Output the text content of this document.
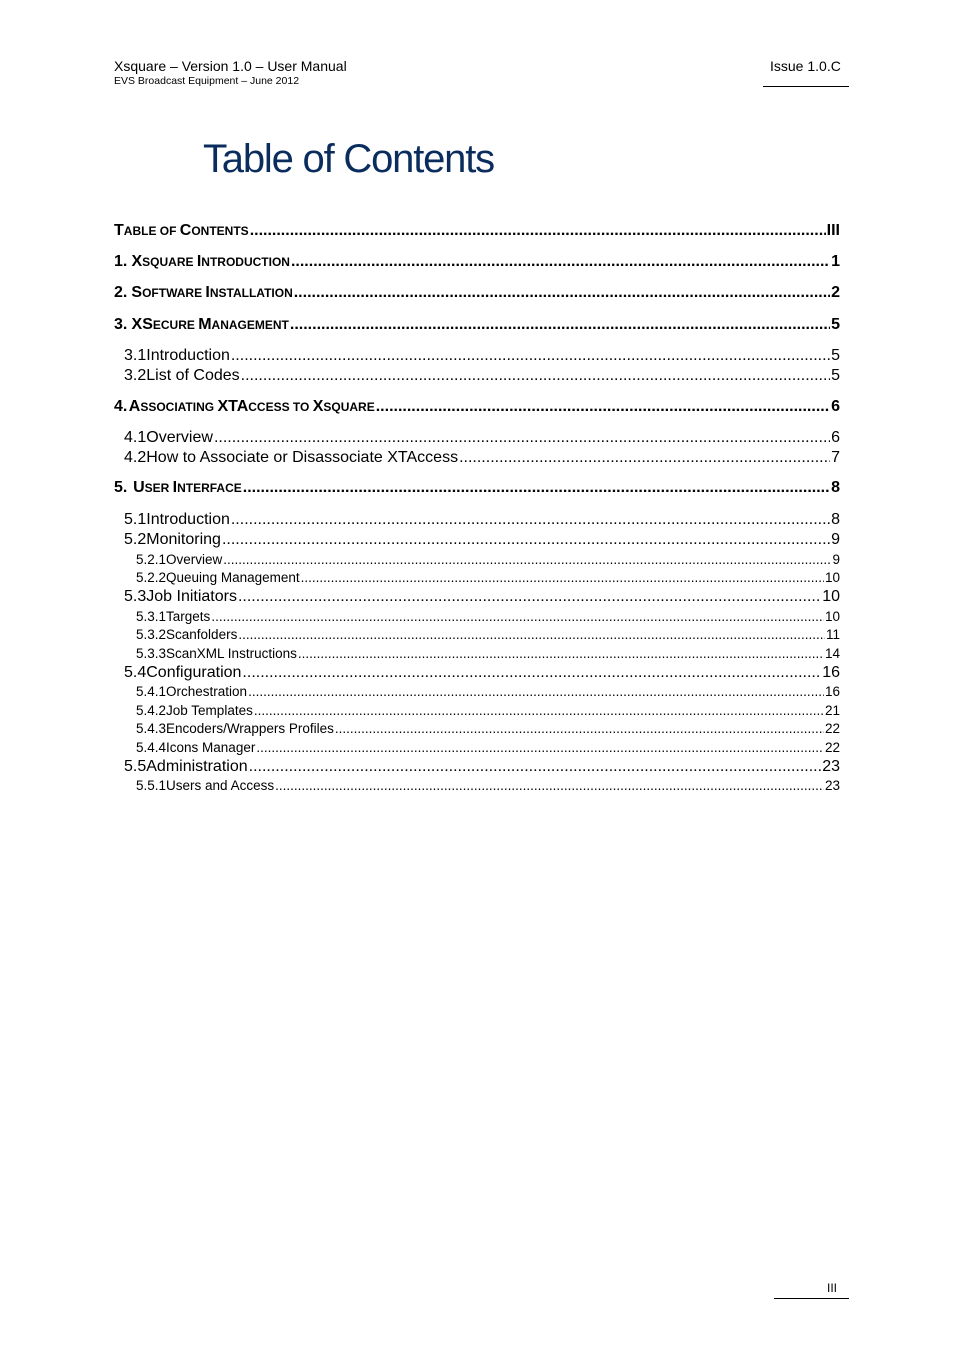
Xsquare – Version 1.0 – User Manual
EVS Broadcast Equipment – June 2012
Issue 1.0.C
Table of Contents
TABLE OF CONTENTS .....	III
1. XSQUARE INTRODUCTION .....	1
2. SOFTWARE INSTALLATION .....	2
3. XSECURE MANAGEMENT .....	5
3.1 Introduction .....	5
3.2 List of Codes .....	5
4. ASSOCIATING XTACCESS TO XSQUARE .....	6
4.1 Overview .....	6
4.2 How to Associate or Disassociate XTAccess .....	7
5. USER INTERFACE .....	8
5.1 Introduction .....	8
5.2 Monitoring .....	9
5.2.1 Overview .....	9
5.2.2 Queuing Management .....	10
5.3 Job Initiators .....	10
5.3.1 Targets .....	10
5.3.2 Scanfolders .....	11
5.3.3 ScanXML Instructions .....	14
5.4 Configuration .....	16
5.4.1 Orchestration .....	16
5.4.2 Job Templates .....	21
5.4.3 Encoders/Wrappers Profiles .....	22
5.4.4 Icons Manager .....	22
5.5 Administration .....	23
5.5.1 Users and Access .....	23
III
